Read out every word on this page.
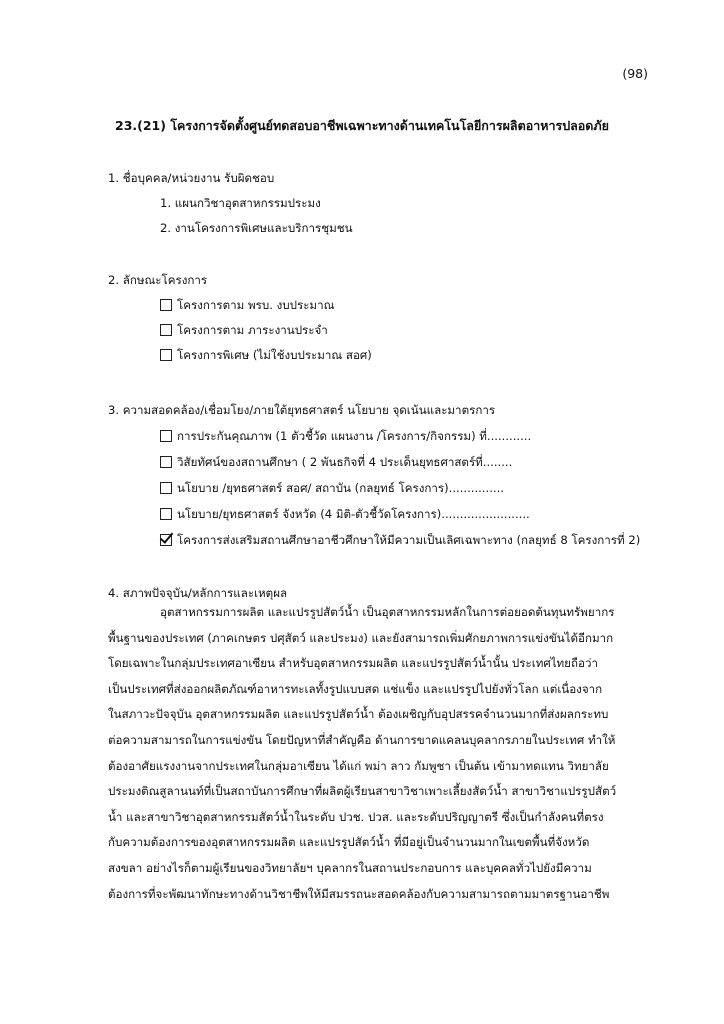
(98)
23.(21) โครงการจัดตั้งศูนย์ทดสอบอาชีพเฉพาะทางด้านเทคโนโลยีการผลิตอาหารปลอดภัย
1. ชื่อบุคคล/หน่วยงาน รับผิดชอบ
1. แผนกวิชาอุตสาหกรรมประมง
2. งานโครงการพิเศษและบริการชุมชน
2. ลักษณะโครงการ
โครงการตาม พรบ. งบประมาณ
โครงการตาม ภาระงานประจำ
โครงการพิเศษ (ไม่ใช้งบประมาณ สอศ)
3. ความสอดคล้อง/เชื่อมโยง/ภายใต้ยุทธศาสตร์ นโยบาย จุดเน้นและมาตรการ
การประกันคุณภาพ (1 ตัวชี้วัด แผนงาน /โครงการ/กิจกรรม) ที่............
วิสัยทัศน์ของสถานศึกษา ( 2 พันธกิจที่ 4 ประเด็นยุทธศาสตร์ที่........
นโยบาย /ยุทธศาสตร์ สอศ/ สถาบัน (กลยุทธ์ โครงการ)...............
นโยบาย/ยุทธศาสตร์ จังหวัด (4 มิติ-ตัวชี้วัดโครงการ)........................
โครงการส่งเสริมสถานศึกษาอาชีวศึกษาให้มีความเป็นเลิศเฉพาะทาง (กลยุทธ์ 8 โครงการที่ 2)
4. สภาพปัจจุบัน/หลักการและเหตุผล
อุตสาหกรรมการผลิต และแปรรูปสัตว์น้ำ เป็นอุตสาหกรรมหลักในการต่อยอดต้นทุนทรัพยากร
พื้นฐานของประเทศ (ภาคเกษตร ปศุสัตว์ และประมง) และยังสามารถเพิ่มศักยภาพการแข่งขันได้อีกมาก
โดยเฉพาะในกลุ่มประเทศอาเซียน สำหรับอุตสาหกรรมผลิต และแปรรูปสัตว์น้ำนั้น ประเทศไทยถือว่า
เป็นประเทศที่ส่งออกผลิตภัณฑ์อาหารทะเลทั้งรูปแบบสด แช่แข็ง และแปรรูปไปยังทั่วโลก แต่เนื่องจาก
ในสภาวะปัจจุบัน อุตสาหกรรมผลิต และแปรรูปสัตว์น้ำ ต้องเผชิญกับอุปสรรคจำนวนมากที่ส่งผลกระทบ
ต่อความสามารถในการแข่งขัน โดยปัญหาที่สำคัญคือ ด้านการขาดแคลนบุคลากรภายในประเทศ ทำให้
ต้องอาศัยแรงงานจากประเทศในกลุ่มอาเซียน ได้แก่ พม่า ลาว กัมพูชา เป็นต้น เข้ามาทดแทน วิทยาลัย
ประมงติณสูลานนท์ที่เป็นสถาบันการศึกษาที่ผลิตผู้เรียนสาขาวิชาเพาะเลี้ยงสัตว์น้ำ สาขาวิชาแปรรูปสัตว์
น้ำ และสาขาวิชาอุตสาหกรรมสัตว์น้ำในระดับ ปวช. ปวส. และระดับปริญญาตรี ซึ่งเป็นกำลังคนที่ตรง
กับความต้องการของอุตสาหกรรมผลิต และแปรรูปสัตว์น้ำ ที่มีอยู่เป็นจำนวนมากในเขตพื้นที่จังหวัด
สงขลา อย่างไรก็ตามผู้เรียนของวิทยาลัยฯ บุคลากรในสถานประกอบการ และบุคคลทั่วไปยังมีความ
ต้องการที่จะพัฒนาทักษะทางด้านวิชาชีพให้มีสมรรถนะสอดคล้องกับความสามารถตามมาตรฐานอาชีพ
